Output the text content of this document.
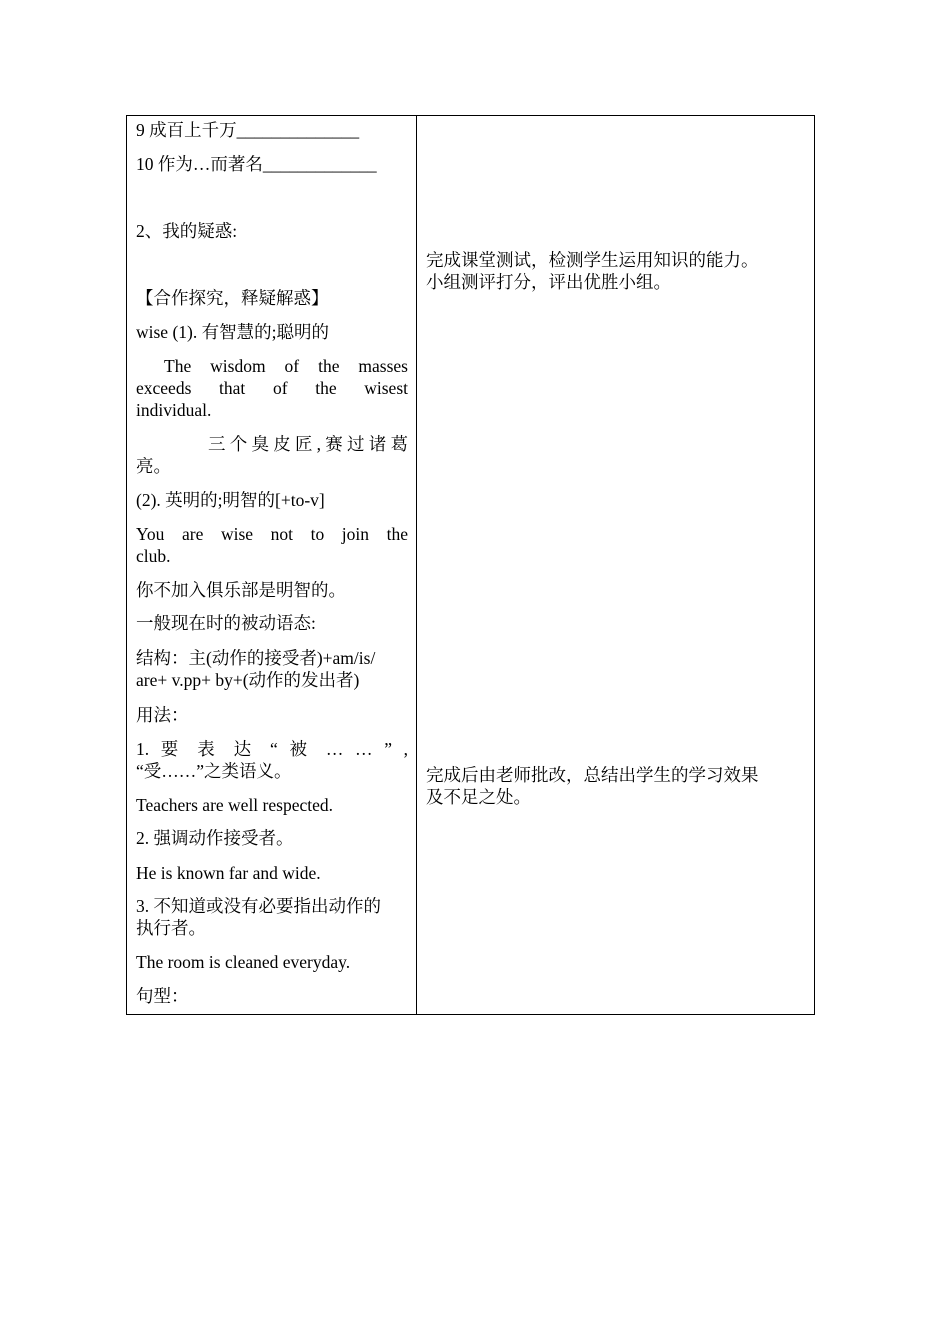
9 成百上千万______________
10 作为…而著名_____________
2、我的疑惑:
【合作探究，释疑解惑】
wise (1). 有智慧的;聪明的
The wisdom of the masses
exceeds that of the wisest
individual.
三个臭皮匠,赛过诸葛
亮。
(2). 英明的;明智的[+to-v]
You are wise not to join the
club.
你不加入俱乐部是明智的。
一般现在时的被动语态:
结构：主(动作的接受者)+am/is/
are+ v.pp+ by+(动作的发出者)
用法：
1. 要 表 达 “ 被 … … ” ,
“受……”之类语义。
Teachers are well respected.
2. 强调动作接受者。
He is known far and wide.
3. 不知道或没有必要指出动作的
执行者。
The room is cleaned everyday.
句型：
完成课堂测试，检测学生运用知识的能力。
小组测评打分，评出优胜小组。
完成后由老师批改，总结出学生的学习效果
及不足之处。
